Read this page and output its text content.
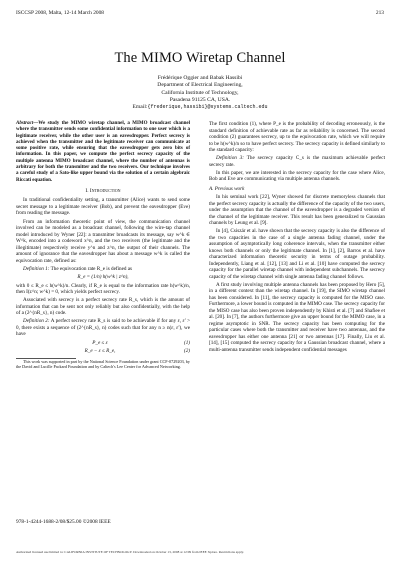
ISCCSP 2008, Malta, 12-14 March 2008	213
The MIMO Wiretap Channel
Frédérique Oggier and Babak Hassibi
Department of Electrical Engineering,
California Institute of Technology,
Pasadena 91125 CA, USA.
Email:{frederique,hassibi}@systems.caltech.edu

Abstract—We study the MIMO wiretap channel, a MIMO broadcast channel where the transmitter sends some confidential information to one user which is a legitimate receiver, while the other user is an eavesdropper. Perfect secrecy is achieved when the transmitter and the legitimate receiver can communicate at some positive rate, while ensuring that the eavesdropper gets zero bits of information. In this paper, we compute the perfect secrecy capacity of the multiple antenna MIMO broadcast channel, where the number of antennas is arbitrary for both the transmitter and the two receivers. Our technique involves a careful study of a Sato-like upper bound via the solution of a certain algebraic Riccati equation.

I. Introduction

In traditional confidentiality setting, a transmitter (Alice) wants to send some secret message to a legitimate receiver (Bob), and prevent the eavesdropper (Eve) from reading the message.

From an information theoretic point of view, the communication channel involved can be modeled as a broadcast channel, following the wire-tap channel model introduced by Wyner [22]: a transmitter broadcasts its message, say w^k ∈ W^k, encoded into a codeword x^n, and the two receivers (the legitimate and the illegitimate) respectively receive y^n and z^n, the output of their channels. The amount of ignorance that the eavesdropper has about a message w^k is called the equivocation rate, defined as:

Definition 1: The equivocation rate R_e is defined as

R_e = (1/n) h(w^k | z^n),

with 0 ≤ R_e ≤ h(w^k)/n. Clearly, if R_e is equal to the information rate h(w^k)/n, then I(z^n; w^k) = 0, which yields perfect secrecy.

Associated with secrecy is a perfect secrecy rate R_s, which is the amount of information that can be sent not only reliably but also confidentially, with the help of a (2^{nR_s}, n) code.

Definition 2: A perfect secrecy rate R_s is said to be achievable if for any ε, ε' > 0, there exists a sequence of (2^{nR_s}, n) codes such that for any n ≥ n(ε, ε'), we have

P_e ≤ ε	(1)
R_e − ε ≤ R_e,	(2)

This work was supported in part by the National Science Foundation under grant CCF-0729203, by the David and Lucille Packard Foundation and by Caltech's Lee Center for Advanced Networking.

The first condition (1), where P_e is the probability of decoding erroneously, is the standard definition of achievable rate as far as reliability is concerned. The second condition (2) guarantees secrecy, up to the equivocation rate, which we will require to be h(w^k)/n so to have perfect secrecy. The secrecy capacity is defined similarly to the standard capacity:

Definition 3: The secrecy capacity C_s is the maximum achievable perfect secrecy rate.

In this paper, we are interested in the secrecy capacity for the case where Alice, Bob and Eve are communicating via multiple antenna channels.

A. Previous work

In his seminal work [22], Wyner showed for discrete memoryless channels that the perfect secrecy capacity is actually the difference of the capacity of the two users, under the assumption that the channel of the eavesdropper is a degraded version of the channel of the legitimate receiver. This result has been generalized to Gaussian channels by Leung et al. [9].

In [4], Csiszár et al. have shown that the secrecy capacity is also the difference of the two capacities in the case of a single antenna fading channel, under the assumption of asymptotically long coherence intervals, when the transmitter either knows both channels or only the legitimate channel. In [1], [2], Barros et al. have characterized information theoretic security in terms of outage probability. Independently, Liang et al. [12], [13] and Li et al. [10] have computed the secrecy capacity for the parallel wiretap channel with independent subchannels. The secrecy capacity of the wiretap channel with single antenna fading channel follows.

A first study involving multiple antenna channels has been proposed by Hero [5], in a different context than the wiretap channel. In [19], the SIMO wiretap channel has been considered. In [11], the secrecy capacity is computed for the MISO case. Furthermore, a lower bound is computed in the MIMO case. The secrecy capacity for the MISO case has also been proven independently by Khisti et al. [7] and Shafiee et al. [20]. In [7], the authors furthermore give an upper bound for the MIMO case, in a regime asymptotic in SNR. The secrecy capacity has been computing for the particular cases where both the transmitter and receiver have two antennas, and the eavesdropper has either one antenna [21] or two antennas [17]. Finally, Liu et al. [14], [15] computed the secrecy capacity for a Gaussian broadcast channel, where a multi-antenna transmitter sends independent confidential messages

978-1-4244-1688-2/08/$25.00 ©2008 IEEE
Authorized licensed use limited to: CALIFORNIA INSTITUTE OF TECHNOLOGY. Downloaded on October 13, 2008 at 12:09 from IEEE Xplore. Restrictions apply.
